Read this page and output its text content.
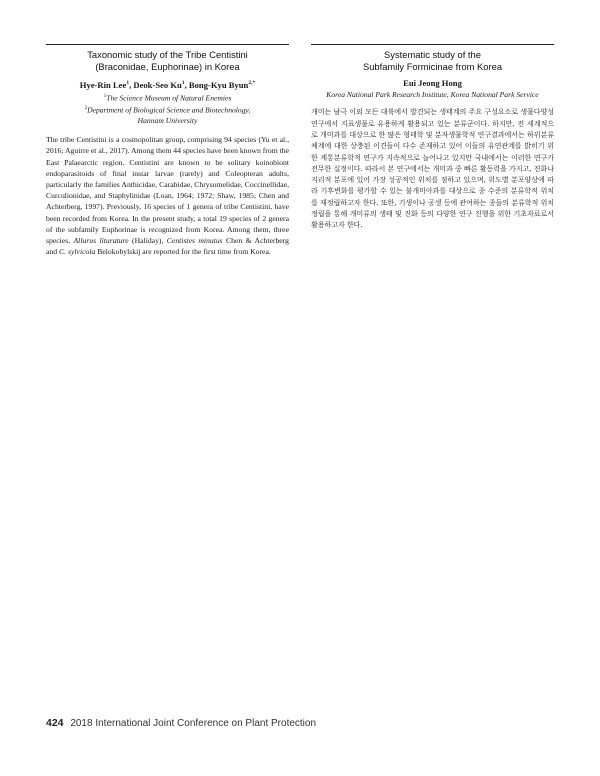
Taxonomic study of the Tribe Centistini
(Braconidae, Euphorinae) in Korea

Hye-Rin Lee$^1$, Deok-Seo Ku$^1$, Bong-Kyu Byun$^{2,*}$
$^1$The Science Museum of Natural Enemies
$^2$Department of Biological Science and Biotechnology,
Hannam University
The tribe Centistini is a cosmopolitan group, comprising 94 species (Yu et al., 2016; Aguirre et al., 2017). Among them 44 species have been known from the East Palaearctic region. Centistini are known to be solitary koinobiont endoparasitoids of final instar larvae (rarely) and Coleopteran adults, particularly the families Anthicidae, Carabidae, Chrysomelidae, Coccinellidae, Curculionidae, and Staphylinidae (Loan, 1964; 1972; Shaw, 1985; Chen and Achterberg, 1997). Previously, 16 species of 1 genera of tribe Centistini, have been recorded from Korea. In the present study, a total 19 species of 2 genera of the subfamily Euphorinae is recognized from Korea. Among them, three species, Allurus liturature (Haliday), Centistes minutus Chen & Achterberg and C. sylvicola Belokobylskij are reported for the first time from Korea.

Systematic study of the
Subfamily Formicinae from Korea

Eui Jeong Hong
Korea National Park Research Institute, Korea National Park Service
개미는 남극 이외 모든 대륙에서 발견되는 생태계의 주요 구성요소로 생물다양성 연구에서 지표생물로 유용하게 활용되고 있는 분류군이다. 하지만, 전 세계적으로 개미과를 대상으로 한 많은 형태학 및 분자생물학적 연구결과에서는 하위분류체계에 대한 상충된 이견들이 다수 존재하고 있어 이들의 유연관계를 밝히기 위한 계통분류학적 연구가 지속적으로 늘어나고 있지만 국내에서는 이러한 연구가 전무한 실정이다. 따라서 본 연구에서는 개미과 중 빠른 활동력을 가지고, 진화나 지리적 분포에 있어 가장 성공적인 위치를 점하고 있으며, 위도별 분포양상에 따라 기후변화를 평가할 수 있는 불개미아과를 대상으로 종 수준의 분류학적 위치를 재정립하고자 한다. 또한, 기생이나 공생 등에 관여하는 종들의 분류학적 위치정립을 통해 개미류의 생태 및 진화 등의 다양한 연구 진행을 위한 기초자료로서 활용하고자 한다.
424 2018 International Joint Conference on Plant Protection
